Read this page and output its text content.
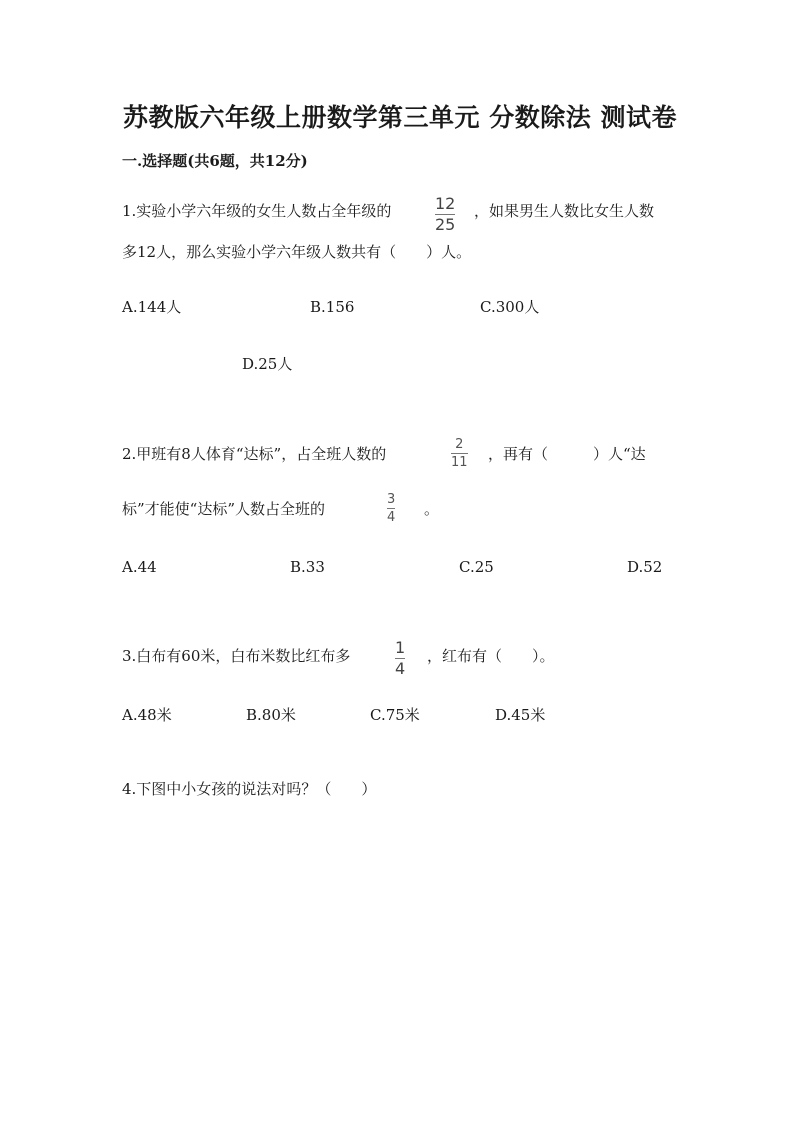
苏教版六年级上册数学第三单元 分数除法 测试卷
一.选择题(共6题，共12分)
1.实验小学六年级的女生人数占全年级的	12
25
，如果男生人数比女生人数
多12人，那么实验小学六年级人数共有（　　）人。
A.144人	B.156	C.300人
D.25人
2.甲班有8人体育“达标”，占全班人数的
2
11 ，再有（　　　）人“达
标”才能使“达标”人数占全班的
3
4 。
A.44	B.33	C.25	D.52
3.白布有60米，白布米数比红布多	1
4
，红布有（　　）。
A.48米	B.80米	C.75米	D.45米
4.下图中小女孩的说法对吗？（　　）
